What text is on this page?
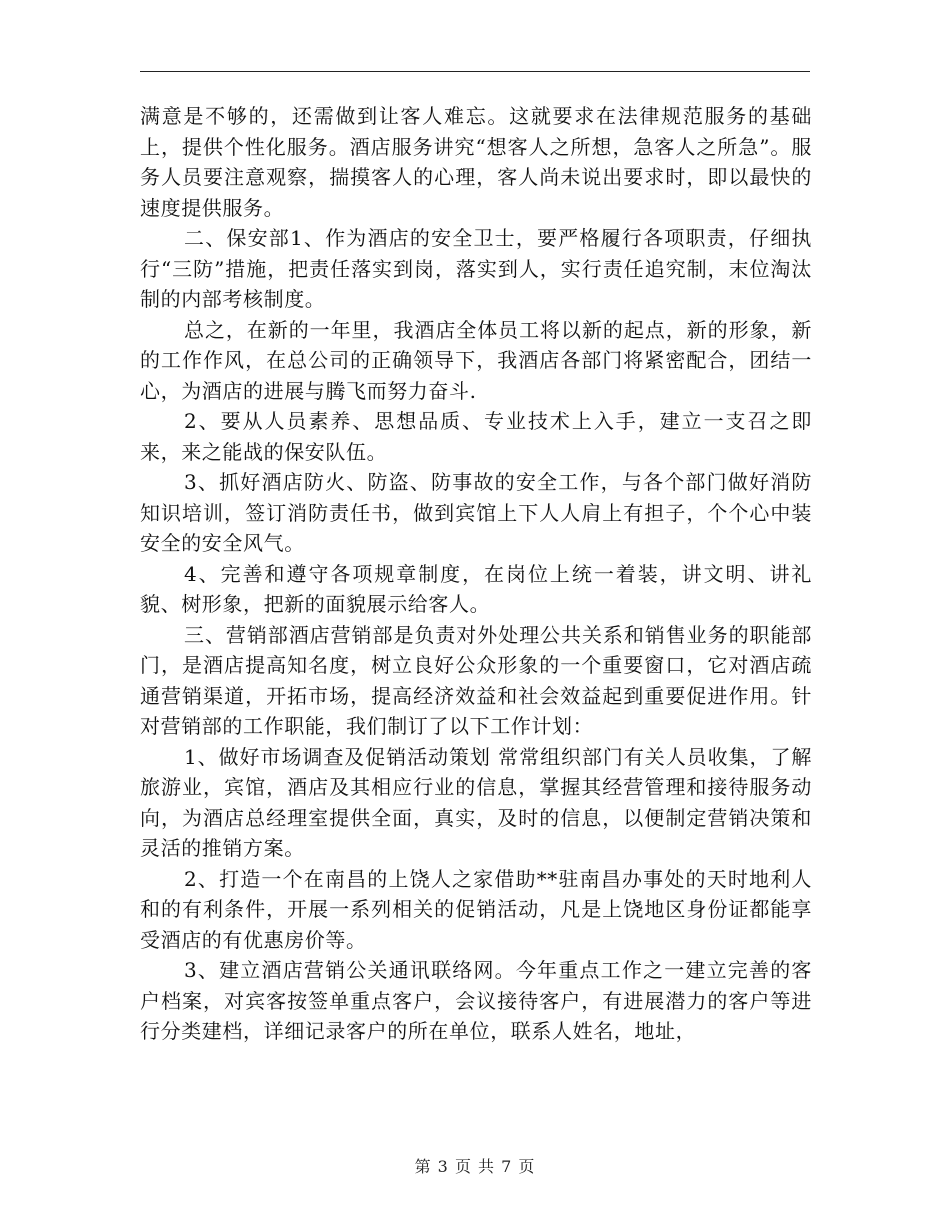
满意是不够的，还需做到让客人难忘。这就要求在法律规范服务的基础上，提供个性化服务。酒店服务讲究“想客人之所想，急客人之所急”。服务人员要注意观察，揣摸客人的心理，客人尚未说出要求时，即以最快的速度提供服务。

二、保安部1、作为酒店的安全卫士，要严格履行各项职责，仔细执行“三防”措施，把责任落实到岗，落实到人，实行责任追究制，末位淘汰制的内部考核制度。

总之，在新的一年里，我酒店全体员工将以新的起点，新的形象，新的工作作风，在总公司的正确领导下，我酒店各部门将紧密配合，团结一心，为酒店的进展与腾飞而努力奋斗.

2、要从人员素养、思想品质、专业技术上入手，建立一支召之即来，来之能战的保安队伍。

3、抓好酒店防火、防盗、防事故的安全工作，与各个部门做好消防知识培训，签订消防责任书，做到宾馆上下人人肩上有担子，个个心中装安全的安全风气。

4、完善和遵守各项规章制度，在岗位上统一着装，讲文明、讲礼貌、树形象，把新的面貌展示给客人。

三、营销部酒店营销部是负责对外处理公共关系和销售业务的职能部门，是酒店提高知名度，树立良好公众形象的一个重要窗口，它对酒店疏通营销渠道，开拓市场，提高经济效益和社会效益起到重要促进作用。针对营销部的工作职能，我们制订了以下工作计划：

1、做好市场调查及促销活动策划 常常组织部门有关人员收集，了解旅游业，宾馆，酒店及其相应行业的信息，掌握其经营管理和接待服务动向，为酒店总经理室提供全面，真实，及时的信息，以便制定营销决策和灵活的推销方案。

2、打造一个在南昌的上饶人之家借助**驻南昌办事处的天时地利人和的有利条件，开展一系列相关的促销活动，凡是上饶地区身份证都能享受酒店的有优惠房价等。

3、建立酒店营销公关通讯联络网。今年重点工作之一建立完善的客户档案，对宾客按签单重点客户，会议接待客户，有进展潜力的客户等进行分类建档，详细记录客户的所在单位，联系人姓名，地址，

第 3 页 共 7 页
